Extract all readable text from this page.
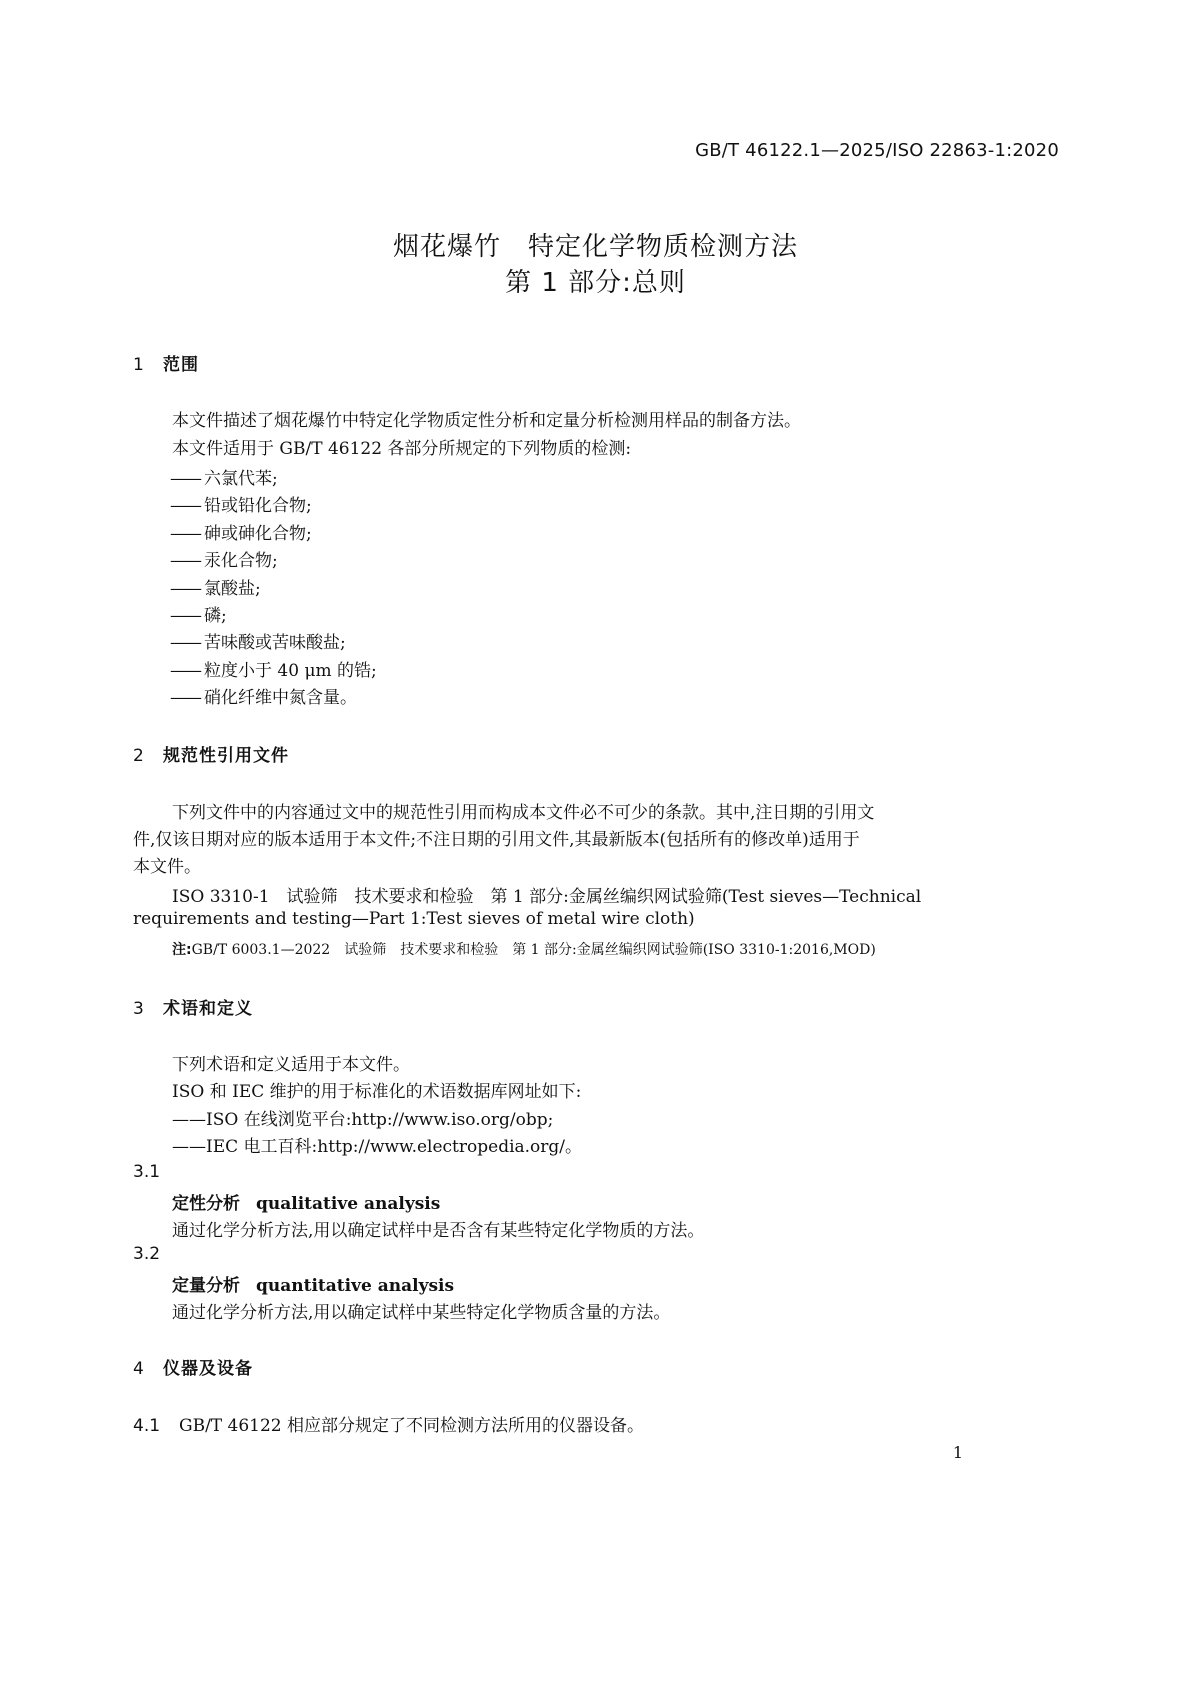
GB/T 46122.1—2025/ISO 22863-1:2020
烟花爆竹　特定化学物质检测方法
第 1 部分:总则
1 范围
本文件描述了烟花爆竹中特定化学物质定性分析和定量分析检测用样品的制备方法。
本文件适用于 GB/T 46122 各部分所规定的下列物质的检测:
—— 六氯代苯;
—— 铅或铅化合物;
—— 砷或砷化合物;
—— 汞化合物;
—— 氯酸盐;
—— 磷;
—— 苦味酸或苦味酸盐;
—— 粒度小于 40 μm 的锆;
—— 硝化纤维中氮含量。
2 规范性引用文件
下列文件中的内容通过文中的规范性引用而构成本文件必不可少的条款。其中,注日期的引用文
件,仅该日期对应的版本适用于本文件;不注日期的引用文件,其最新版本(包括所有的修改单)适用于
本文件。
ISO 3310-1　试验筛　技术要求和检验　第 1 部分:金属丝编织网试验筛(Test sieves—Technical
requirements and testing—Part 1:Test sieves of metal wire cloth)
注:GB/T 6003.1—2022　试验筛　技术要求和检验　第 1 部分:金属丝编织网试验筛(ISO 3310-1:2016,MOD)
3 术语和定义
下列术语和定义适用于本文件。
ISO 和 IEC 维护的用于标准化的术语数据库网址如下:
——ISO 在线浏览平台:http://www.iso.org/obp;
——IEC 电工百科:http://www.electropedia.org/。
3.1
定性分析 qualitative analysis
通过化学分析方法,用以确定试样中是否含有某些特定化学物质的方法。
3.2
定量分析 quantitative analysis
通过化学分析方法,用以确定试样中某些特定化学物质含量的方法。
4 仪器及设备
4.1 GB/T 46122 相应部分规定了不同检测方法所用的仪器设备。
1
